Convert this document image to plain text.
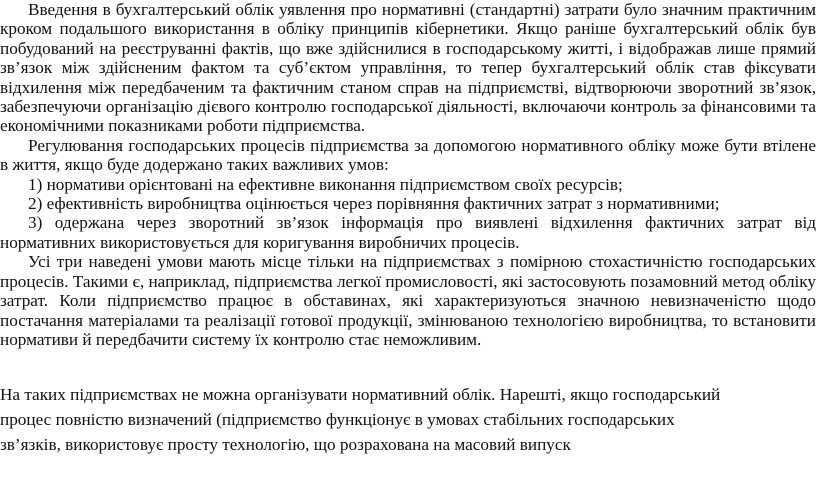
Введення в бухгалтерський облік уявлення про нормативні (стандартні) затрати було значним практичним кроком подальшого використання в обліку принципів кібернетики. Якщо раніше бухгалтерський облік був побудований на реєструванні фактів, що вже здійснилися в господарському житті, і відображав лише прямий зв’язок між здійсненим фактом та суб’єктом управління, то тепер бухгалтерський облік став фіксувати відхилення між передбаченим та фактичним станом справ на підприємстві, відтворюючи зворотний зв’язок, забезпечуючи організацію дієвого контролю господарської діяльності, включаючи контроль за фінансовими та економічними показниками роботи підприємства.

Регулювання господарських процесів підприємства за допомогою нормативного обліку може бути втілене в життя, якщо буде додержано таких важливих умов:

1) нормативи орієнтовані на ефективне виконання підприємством своїх ресурсів;

2) ефективність виробництва оцінюється через порівняння фактичних затрат з нормативними;

3) одержана через зворотний зв’язок інформація про виявлені відхилення фактичних затрат від нормативних використовується для коригування виробничих процесів.

Усі три наведені умови мають місце тільки на підприємствах з помірною стохастичністю господарських процесів. Такими є, наприклад, підприємства легкої промисловості, які застосовують позамовний метод обліку затрат. Коли підприємство працює в обставинах, які характеризуються значною невизначеністю щодо постачання матеріалами та реалізації готової продукції, змінюваною технологією виробництва, то встановити нормативи й передбачити систему їх контролю стає неможливим.

На таких підприємствах не можна організувати нормативний облік. Нарешті, якщо господарський

процес повністю визначений (підприємство функціонує в умовах стабільних господарських

зв’язків, використовує просту технологію, що розрахована на масовий випуск
